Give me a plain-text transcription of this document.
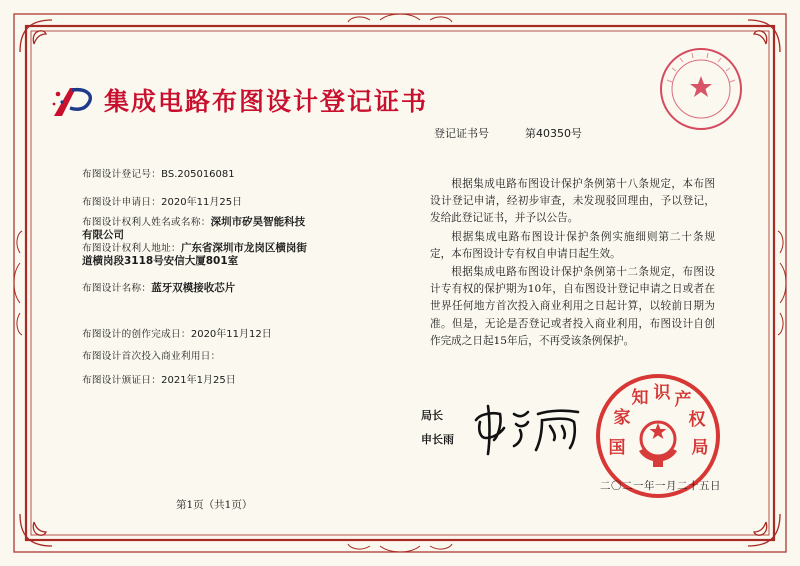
集成电路布图设计登记证书
登记证书号	第40350号
布图设计登记号：BS.205016081
布图设计申请日：2020年11月25日
布图设计权利人姓名或名称：深圳市矽昊智能科技
有限公司
布图设计权利人地址：广东省深圳市龙岗区横岗街
道横岗段3118号安信大厦801室
布图设计名称：蓝牙双模接收芯片
布图设计的创作完成日：2020年11月12日
布图设计首次投入商业利用日：
布图设计颁证日：2021年1月25日

根据集成电路布图设计保护条例第十八条规定，本布图设计登记申请，经初步审查，未发现驳回理由，予以登记，发给此登记证书，并予以公告。

根据集成电路布图设计保护条例实施细则第二十条规定，本布图设计专有权自申请日起生效。

根据集成电路布图设计保护条例第十二条规定，布图设计专有权的保护期为10年，自布图设计登记申请之日或者在世界任何地方首次投入商业利用之日起计算，以较前日期为准。但是，无论是否登记或者投入商业利用，布图设计自创作完成之日起15年后，不再受该条例保护。

局长
申长雨	国
家
知 识 产
权
局
二〇二一年一月二十五日
第1页（共1页）
